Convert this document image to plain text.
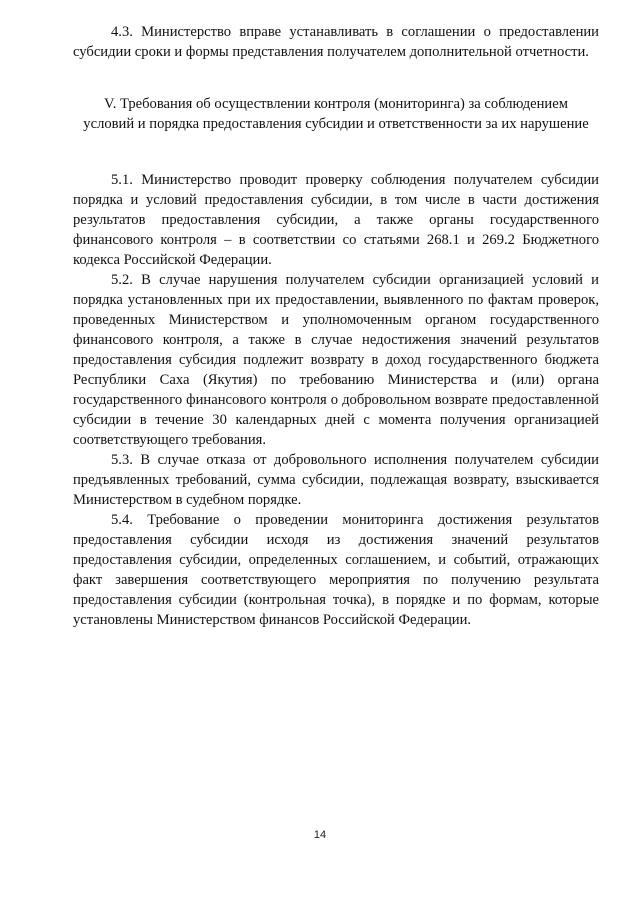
4.3. Министерство вправе устанавливать в соглашении о предоставлении субсидии сроки и формы представления получателем дополнительной отчетности.

V. Требования об осуществлении контроля (мониторинга) за соблюдением
условий и порядка предоставления субсидии и ответственности за их нарушение

5.1. Министерство проводит проверку соблюдения получателем субсидии порядка и условий предоставления субсидии, в том числе в части достижения результатов предоставления субсидии, а также органы государственного финансового контроля – в соответствии со статьями 268.1 и 269.2 Бюджетного кодекса Российской Федерации.

5.2. В случае нарушения получателем субсидии организацией условий и порядка установленных при их предоставлении, выявленного по фактам проверок, проведенных Министерством и уполномоченным органом государственного финансового контроля, а также в случае недостижения значений результатов предоставления субсидия подлежит возврату в доход государственного бюджета Республики Саха (Якутия) по требованию Министерства и (или) органа государственного финансового контроля о добровольном возврате предоставленной субсидии в течение 30 календарных дней с момента получения организацией соответствующего требования.

5.3. В случае отказа от добровольного исполнения получателем субсидии предъявленных требований, сумма субсидии, подлежащая возврату, взыскивается Министерством в судебном порядке.

5.4. Требование о проведении мониторинга достижения результатов предоставления субсидии исходя из достижения значений результатов предоставления субсидии, определенных соглашением, и событий, отражающих факт завершения соответствующего мероприятия по получению результата предоставления субсидии (контрольная точка), в порядке и по формам, которые установлены Министерством финансов Российской Федерации.

14
